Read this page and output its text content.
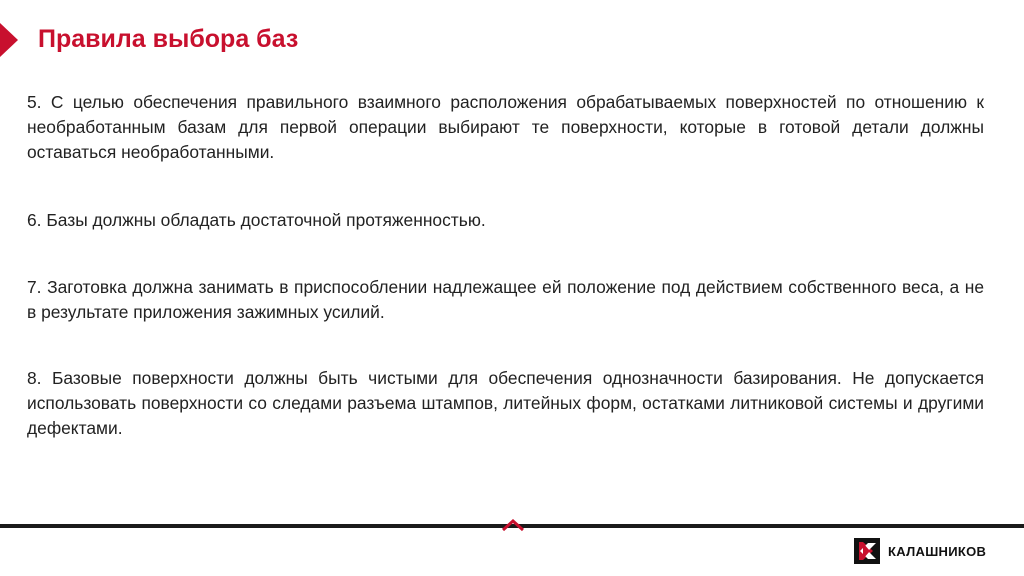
Правила выбора баз

5. С целью обеспечения правильного взаимного расположения обрабатываемых поверхностей по отношению к необработанным базам для первой операции выбирают те поверхности, которые в готовой детали должны оставаться необработанными.

6. Базы должны обладать достаточной протяженностью.

7. Заготовка должна занимать в приспособлении надлежащее ей положение под действием собственного веса, а не в результате приложения зажимных усилий.

8. Базовые поверхности должны быть чистыми для обеспечения однозначности базирования. Не допускается использовать поверхности со следами разъема штампов, литейных форм, остатками литниковой системы и другими дефектами.

КАЛАШНИКОВ
